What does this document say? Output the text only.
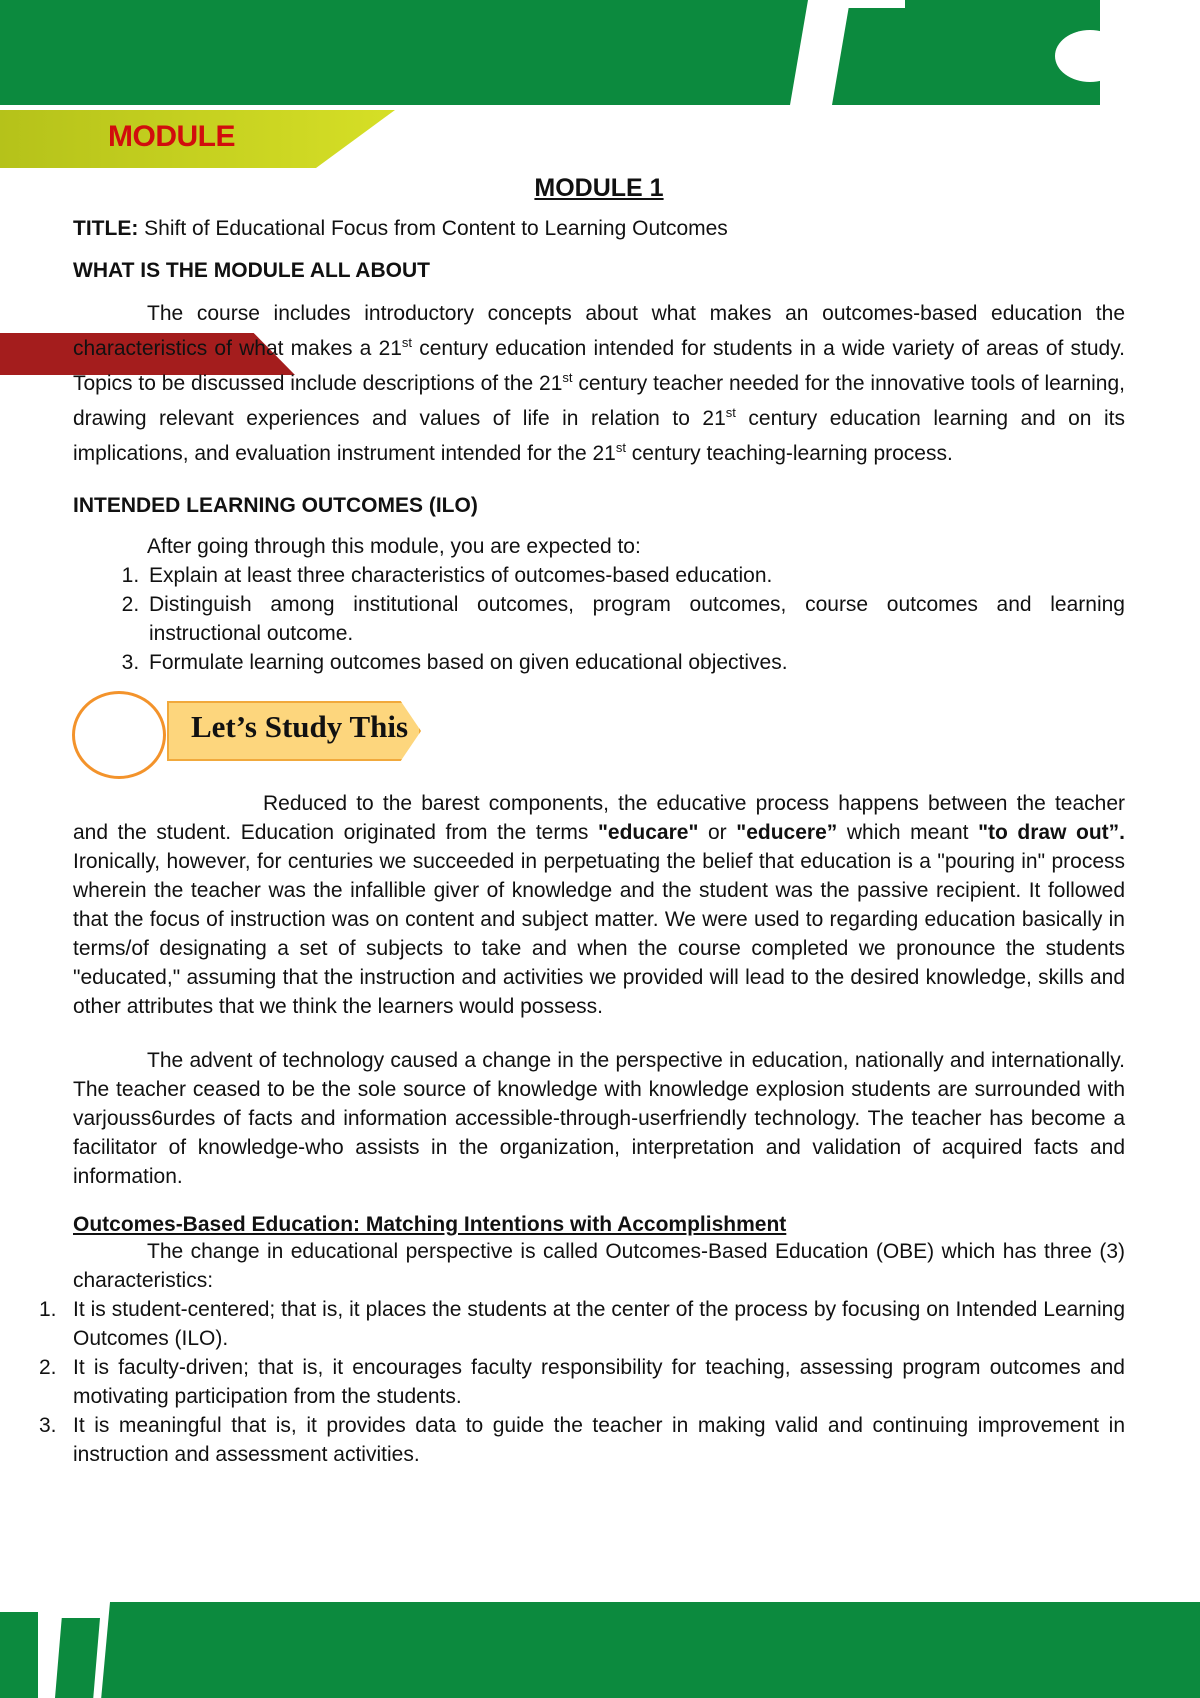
MODULE
MODULE 1

TITLE: Shift of Educational Focus from Content to Learning Outcomes

WHAT IS THE MODULE ALL ABOUT

The course includes introductory concepts about what makes an outcomes-based education the characteristics of what makes a 21st century education intended for students in a wide variety of areas of study. Topics to be discussed include descriptions of the 21st century teacher needed for the innovative tools of learning, drawing relevant experiences and values of life in relation to 21st century education learning and on its implications, and evaluation instrument intended for the 21st century teaching-learning process.

INTENDED LEARNING OUTCOMES (ILO)
After going through this module, you are expected to:
1. Explain at least three characteristics of outcomes-based education.
2. Distinguish among institutional outcomes, program outcomes, course outcomes and learning instructional outcome.
3. Formulate learning outcomes based on given educational objectives.
Let’s Study This

Reduced to the barest components, the educative process happens between the teacher and the student. Education originated from the terms "educare" or "educere” which meant "to draw out”. Ironically, however, for centuries we succeeded in perpetuating the belief that education is a "pouring in" process wherein the teacher was the infallible giver of knowledge and the student was the passive recipient. It followed that the focus of instruction was on content and subject matter. We were used to regarding education basically in terms/of designating a set of subjects to take and when the course completed we pronounce the students "educated," assuming that the instruction and activities we provided will lead to the desired knowledge, skills and other attributes that we think the learners would possess.

The advent of technology caused a change in the perspective in education, nationally and internationally. The teacher ceased to be the sole source of knowledge with knowledge explosion students are surrounded with varjouss6urdes of facts and information accessible-through-userfriendly technology. The teacher has become a facilitator of knowledge-who assists in the organization, interpretation and validation of acquired facts and information.

Outcomes-Based Education: Matching Intentions with Accomplishment

The change in educational perspective is called Outcomes-Based Education (OBE) which has three (3) characteristics:

1. It is student-centered; that is, it places the students at the center of the process by focusing on Intended Learning Outcomes (ILO).
2. It is faculty-driven; that is, it encourages faculty responsibility for teaching, assessing program outcomes and motivating participation from the students.
3. It is meaningful that is, it provides data to guide the teacher in making valid and continuing improvement in instruction and assessment activities.
